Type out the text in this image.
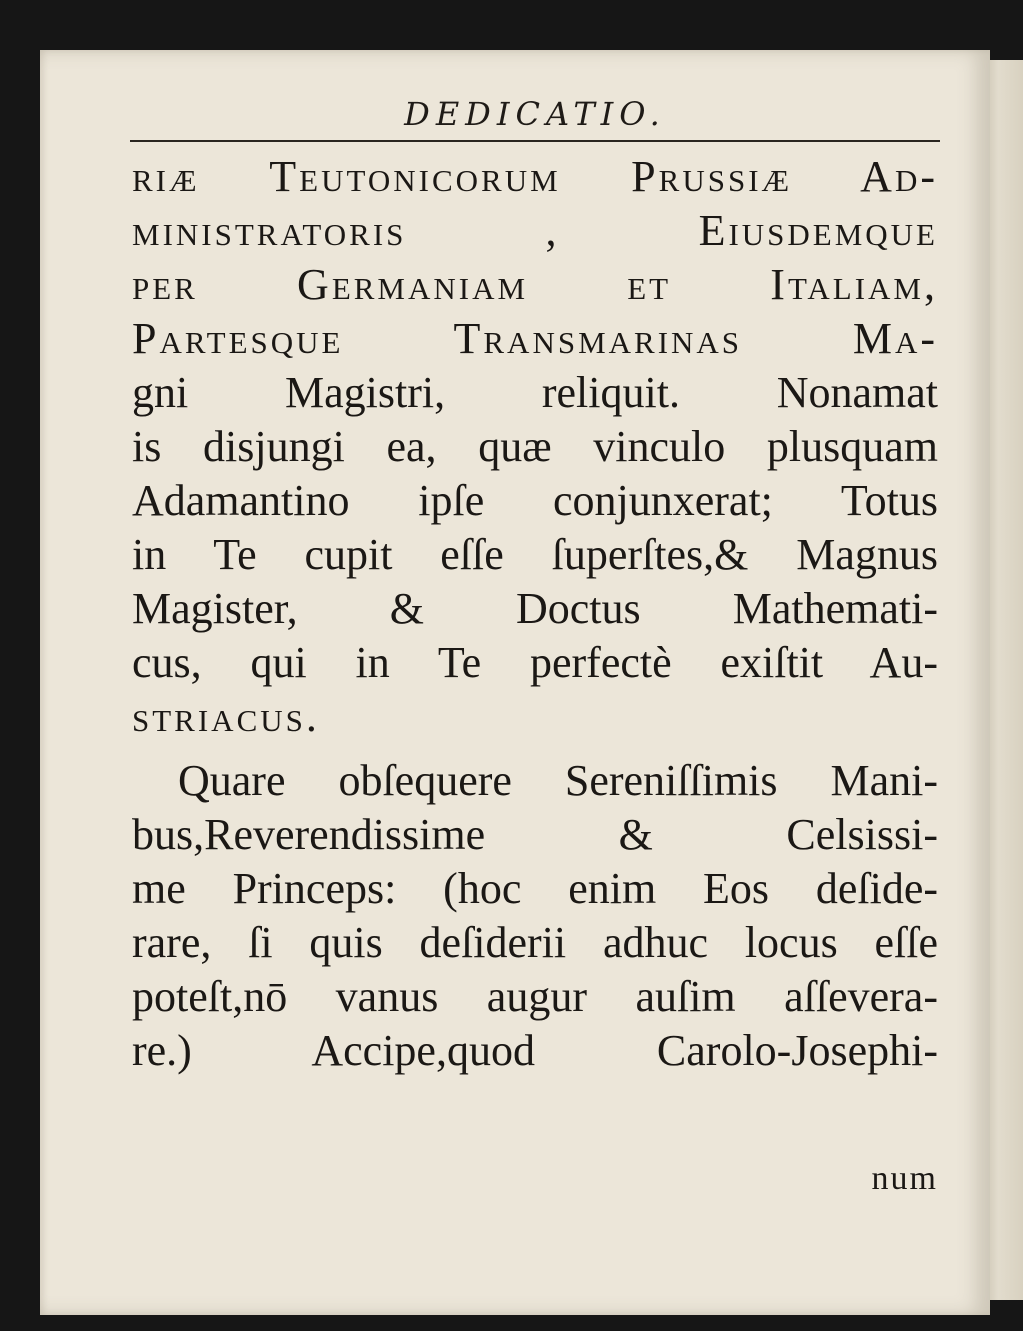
DEDICATIO.
riæ Teutonicorum Prussiæ Ad-
ministratoris , Eiusdemque
per Germaniam et Italiam,
Partesque Transmarinas Ma-
gni Magistri, reliquit. Nonamat
is disjungi ea, quæ vinculo plusquam
Adamantino ipſe conjunxerat; Totus
in Te cupit eſſe ſuperſtes,& Magnus
Magister, & Doctus Mathemati-
cus, qui in Te perfectè exiſtit Au-
striacus.
Quare obſequere Sereniſſimis Mani-
bus,Reverendissime & Celsissi-
me Princeps: (hoc enim Eos deſide-
rare, ſi quis deſiderii adhuc locus eſſe
poteſt,nō vanus augur auſim aſſevera-
re.) Accipe,quod Carolo-Josephi-
num
